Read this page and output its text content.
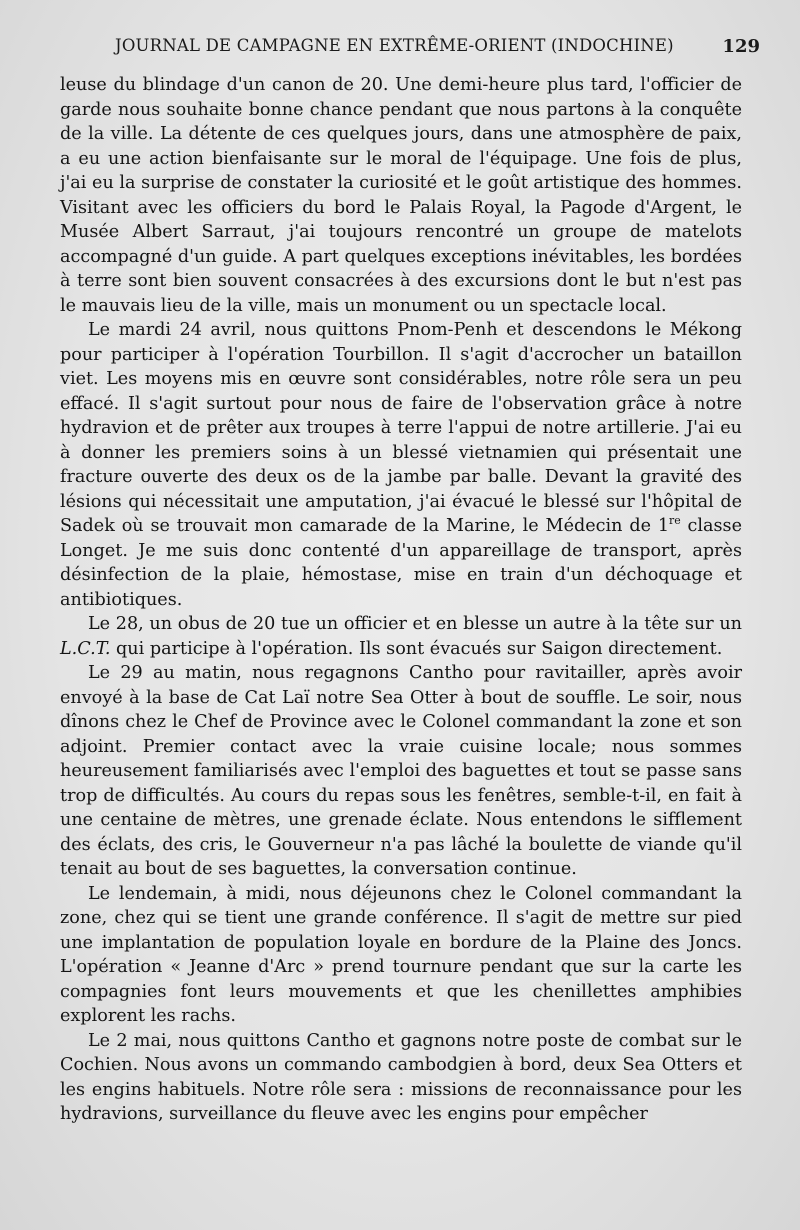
JOURNAL DE CAMPAGNE EN EXTRÊME-ORIENT (INDOCHINE)	129

leuse du blindage d'un canon de 20. Une demi-heure plus tard, l'officier de garde nous souhaite bonne chance pendant que nous partons à la conquête de la ville. La détente de ces quelques jours, dans une atmosphère de paix, a eu une action bienfaisante sur le moral de l'équipage. Une fois de plus, j'ai eu la surprise de constater la curiosité et le goût artistique des hommes. Visitant avec les officiers du bord le Palais Royal, la Pagode d'Argent, le Musée Albert Sarraut, j'ai toujours rencontré un groupe de matelots accompagné d'un guide. A part quelques exceptions inévitables, les bordées à terre sont bien souvent consacrées à des excursions dont le but n'est pas le mauvais lieu de la ville, mais un monument ou un spectacle local.

Le mardi 24 avril, nous quittons Pnom-Penh et descendons le Mékong pour participer à l'opération Tourbillon. Il s'agit d'accrocher un bataillon viet. Les moyens mis en œuvre sont considérables, notre rôle sera un peu effacé. Il s'agit surtout pour nous de faire de l'observation grâce à notre hydravion et de prêter aux troupes à terre l'appui de notre artillerie. J'ai eu à donner les premiers soins à un blessé vietnamien qui présentait une fracture ouverte des deux os de la jambe par balle. Devant la gravité des lésions qui nécessitait une amputation, j'ai évacué le blessé sur l'hôpital de Sadek où se trouvait mon camarade de la Marine, le Médecin de 1re classe Longet. Je me suis donc contenté d'un appareillage de transport, après désinfection de la plaie, hémostase, mise en train d'un déchoquage et antibiotiques.

Le 28, un obus de 20 tue un officier et en blesse un autre à la tête sur un L.C.T. qui participe à l'opération. Ils sont évacués sur Saigon directement.

Le 29 au matin, nous regagnons Cantho pour ravitailler, après avoir envoyé à la base de Cat Laï notre Sea Otter à bout de souffle. Le soir, nous dînons chez le Chef de Province avec le Colonel commandant la zone et son adjoint. Premier contact avec la vraie cuisine locale; nous sommes heureusement familiarisés avec l'emploi des baguettes et tout se passe sans trop de difficultés. Au cours du repas sous les fenêtres, semble-t-il, en fait à une centaine de mètres, une grenade éclate. Nous entendons le sifflement des éclats, des cris, le Gouverneur n'a pas lâché la boulette de viande qu'il tenait au bout de ses baguettes, la conversation continue.

Le lendemain, à midi, nous déjeunons chez le Colonel commandant la zone, chez qui se tient une grande conférence. Il s'agit de mettre sur pied une implantation de population loyale en bordure de la Plaine des Joncs. L'opération « Jeanne d'Arc » prend tournure pendant que sur la carte les compagnies font leurs mouvements et que les chenillettes amphibies explorent les rachs.

Le 2 mai, nous quittons Cantho et gagnons notre poste de combat sur le Cochien. Nous avons un commando cambodgien à bord, deux Sea Otters et les engins habituels. Notre rôle sera : missions de reconnaissance pour les hydravions, surveillance du fleuve avec les engins pour empêcher
